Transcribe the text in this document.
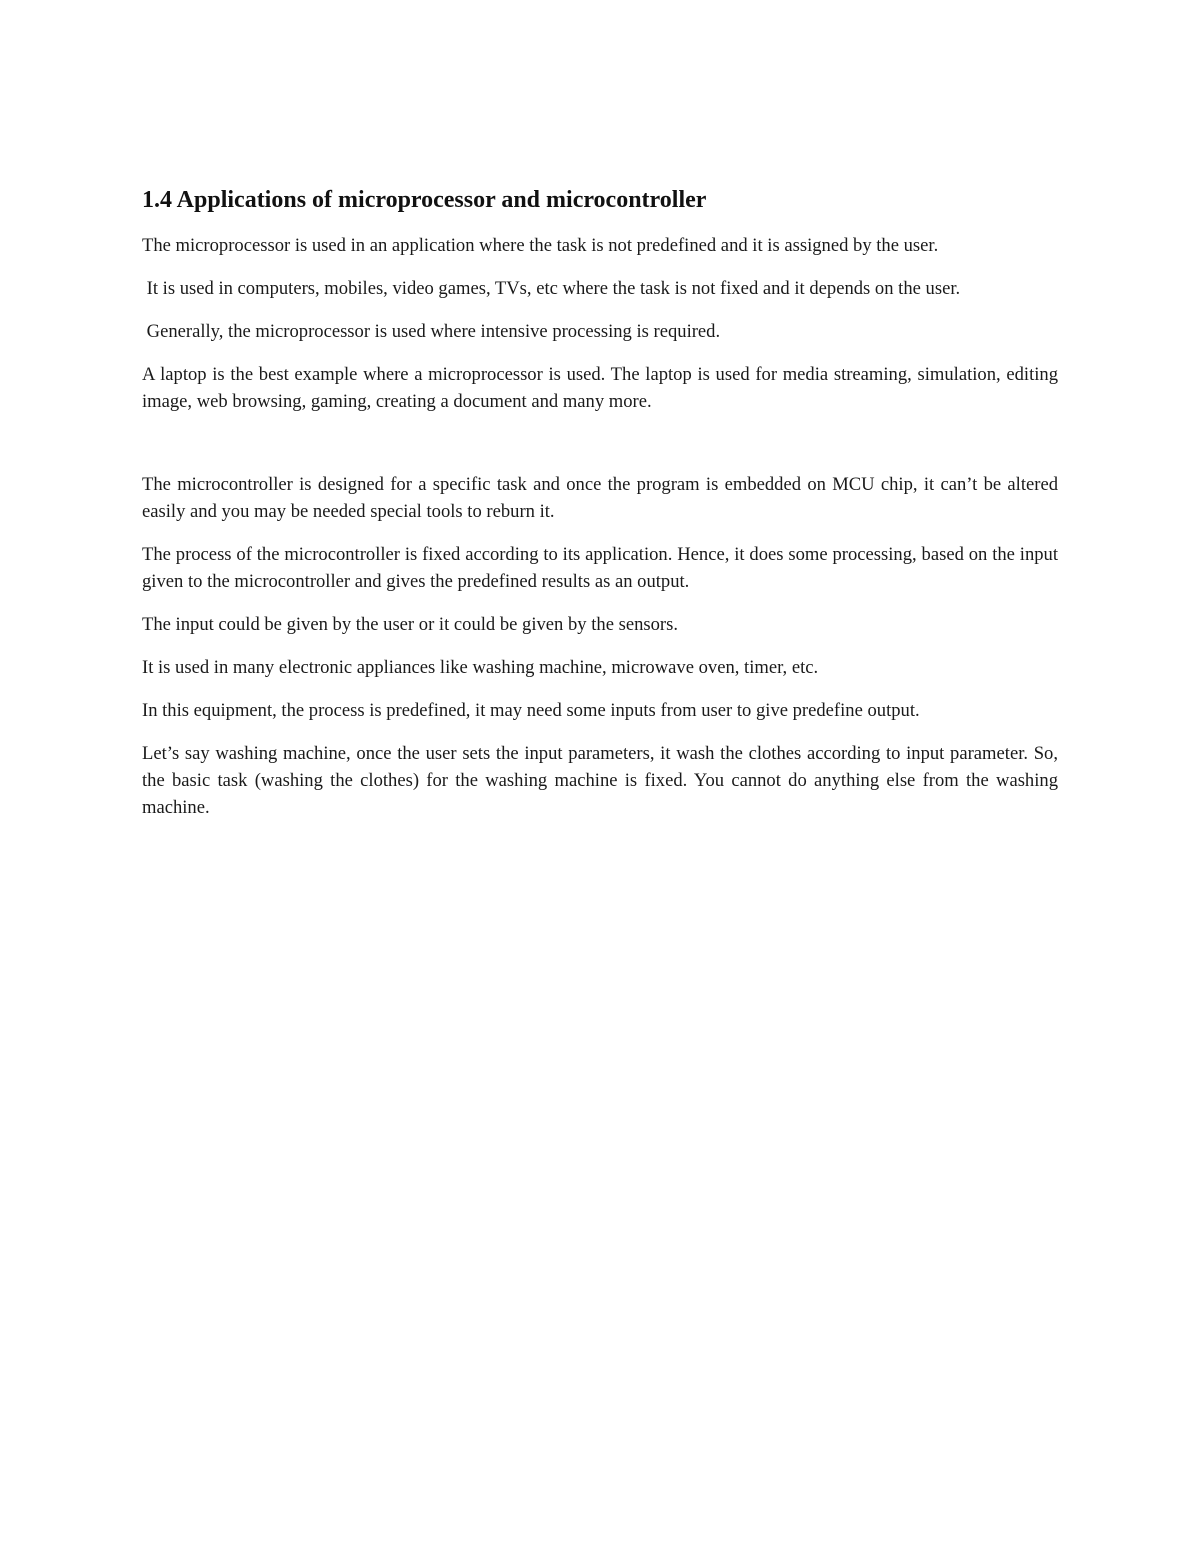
1.4 Applications of microprocessor and microcontroller

The microprocessor is used in an application where the task is not predefined and it is assigned by the user.

It is used in computers, mobiles, video games, TVs, etc where the task is not fixed and it depends on the user.

Generally, the microprocessor is used where intensive processing is required.

A laptop is the best example where a microprocessor is used. The laptop is used for media streaming, simulation, editing image, web browsing, gaming, creating a document and many more.

The microcontroller is designed for a specific task and once the program is embedded on MCU chip, it can’t be altered easily and you may be needed special tools to reburn it.

The process of the microcontroller is fixed according to its application. Hence, it does some processing, based on the input given to the microcontroller and gives the predefined results as an output.

The input could be given by the user or it could be given by the sensors.

It is used in many electronic appliances like washing machine, microwave oven, timer, etc.

In this equipment, the process is predefined, it may need some inputs from user to give predefine output.

Let’s say washing machine, once the user sets the input parameters, it wash the clothes according to input parameter. So, the basic task (washing the clothes) for the washing machine is fixed. You cannot do anything else from the washing machine.
